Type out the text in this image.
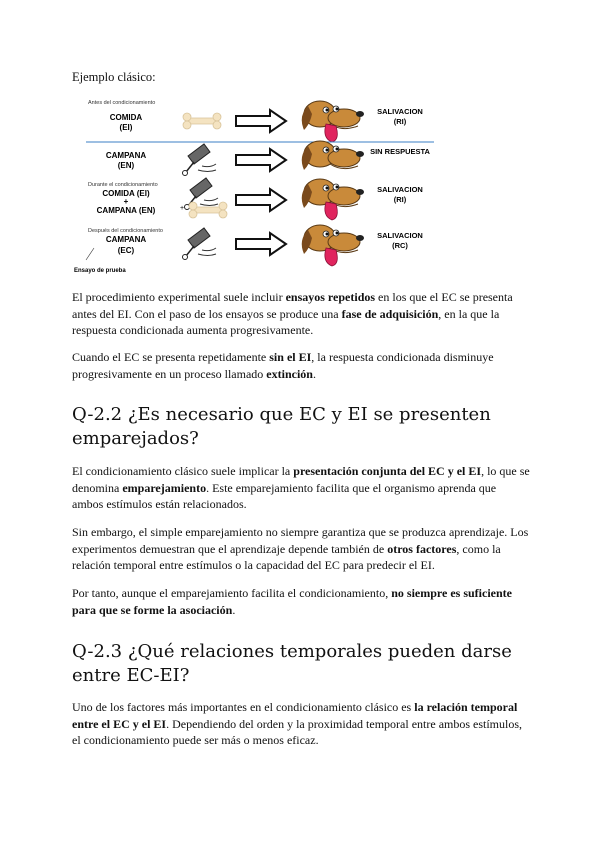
Ejemplo clásico:

Antes del condicionamiento
COMIDA
(EI)
SALIVACION
(RI)
CAMPANA
(EN)
SIN RESPUESTA
Durante el condicionamiento
COMIDA (EI)
+
CAMPANA (EN)	+
SALIVACION
(RI)
Después del condicionamiento
CAMPANA
(EC)
SALIVACION
(RC)
Ensayo de prueba

El procedimiento experimental suele incluir ensayos repetidos en los que el EC se presenta antes del EI. Con el paso de los ensayos se produce una fase de adquisición, en la que la respuesta condicionada aumenta progresivamente.

Cuando el EC se presenta repetidamente sin el EI, la respuesta condicionada disminuye progresivamente en un proceso llamado extinción.

Q-2.2 ¿Es necesario que EC y EI se presenten emparejados?

El condicionamiento clásico suele implicar la presentación conjunta del EC y el EI, lo que se denomina emparejamiento. Este emparejamiento facilita que el organismo aprenda que ambos estímulos están relacionados.

Sin embargo, el simple emparejamiento no siempre garantiza que se produzca aprendizaje. Los experimentos demuestran que el aprendizaje depende también de otros factores, como la relación temporal entre estímulos o la capacidad del EC para predecir el EI.

Por tanto, aunque el emparejamiento facilita el condicionamiento, no siempre es suficiente para que se forme la asociación.

Q-2.3 ¿Qué relaciones temporales pueden darse entre EC-EI?

Uno de los factores más importantes en el condicionamiento clásico es la relación temporal entre el EC y el EI. Dependiendo del orden y la proximidad temporal entre ambos estímulos, el condicionamiento puede ser más o menos eficaz.
